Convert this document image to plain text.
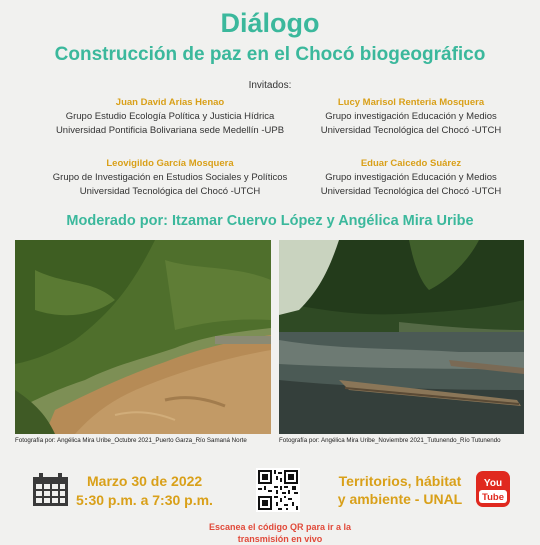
Diálogo
Construcción de paz en el Chocó biogeográfico
Invitados:
Juan David Arias Henao
Grupo Estudio Ecología Política y Justicia Hídrica
Universidad Pontificia Bolivariana sede Medellín -UPB
Lucy Marisol Renteria Mosquera
Grupo investigación Educación y Medios
Universidad Tecnológica del Chocó -UTCH
Leovigildo García Mosquera
Grupo de Investigación en Estudios Sociales y Políticos
Universidad Tecnológica del Chocó -UTCH
Eduar Caicedo Suárez
Grupo investigación Educación y Medios
Universidad Tecnológica del Chocó -UTCH
Moderado por: Itzamar Cuervo López y Angélica Mira Uribe
Fotografía por: Angélica Mira Uribe_Octubre 2021_Puerto Garza_Río Samaná Norte	Fotografía por: Angélica Mira Uribe_Noviembre 2021_Tutunendo_Río Tutunendo
Marzo 30 de 2022
5:30 p.m. a 7:30 p.m.
Territorios, hábitat
y ambiente - UNAL
You
Tube
Escanea el código QR para ir a la
transmisión en vivo
